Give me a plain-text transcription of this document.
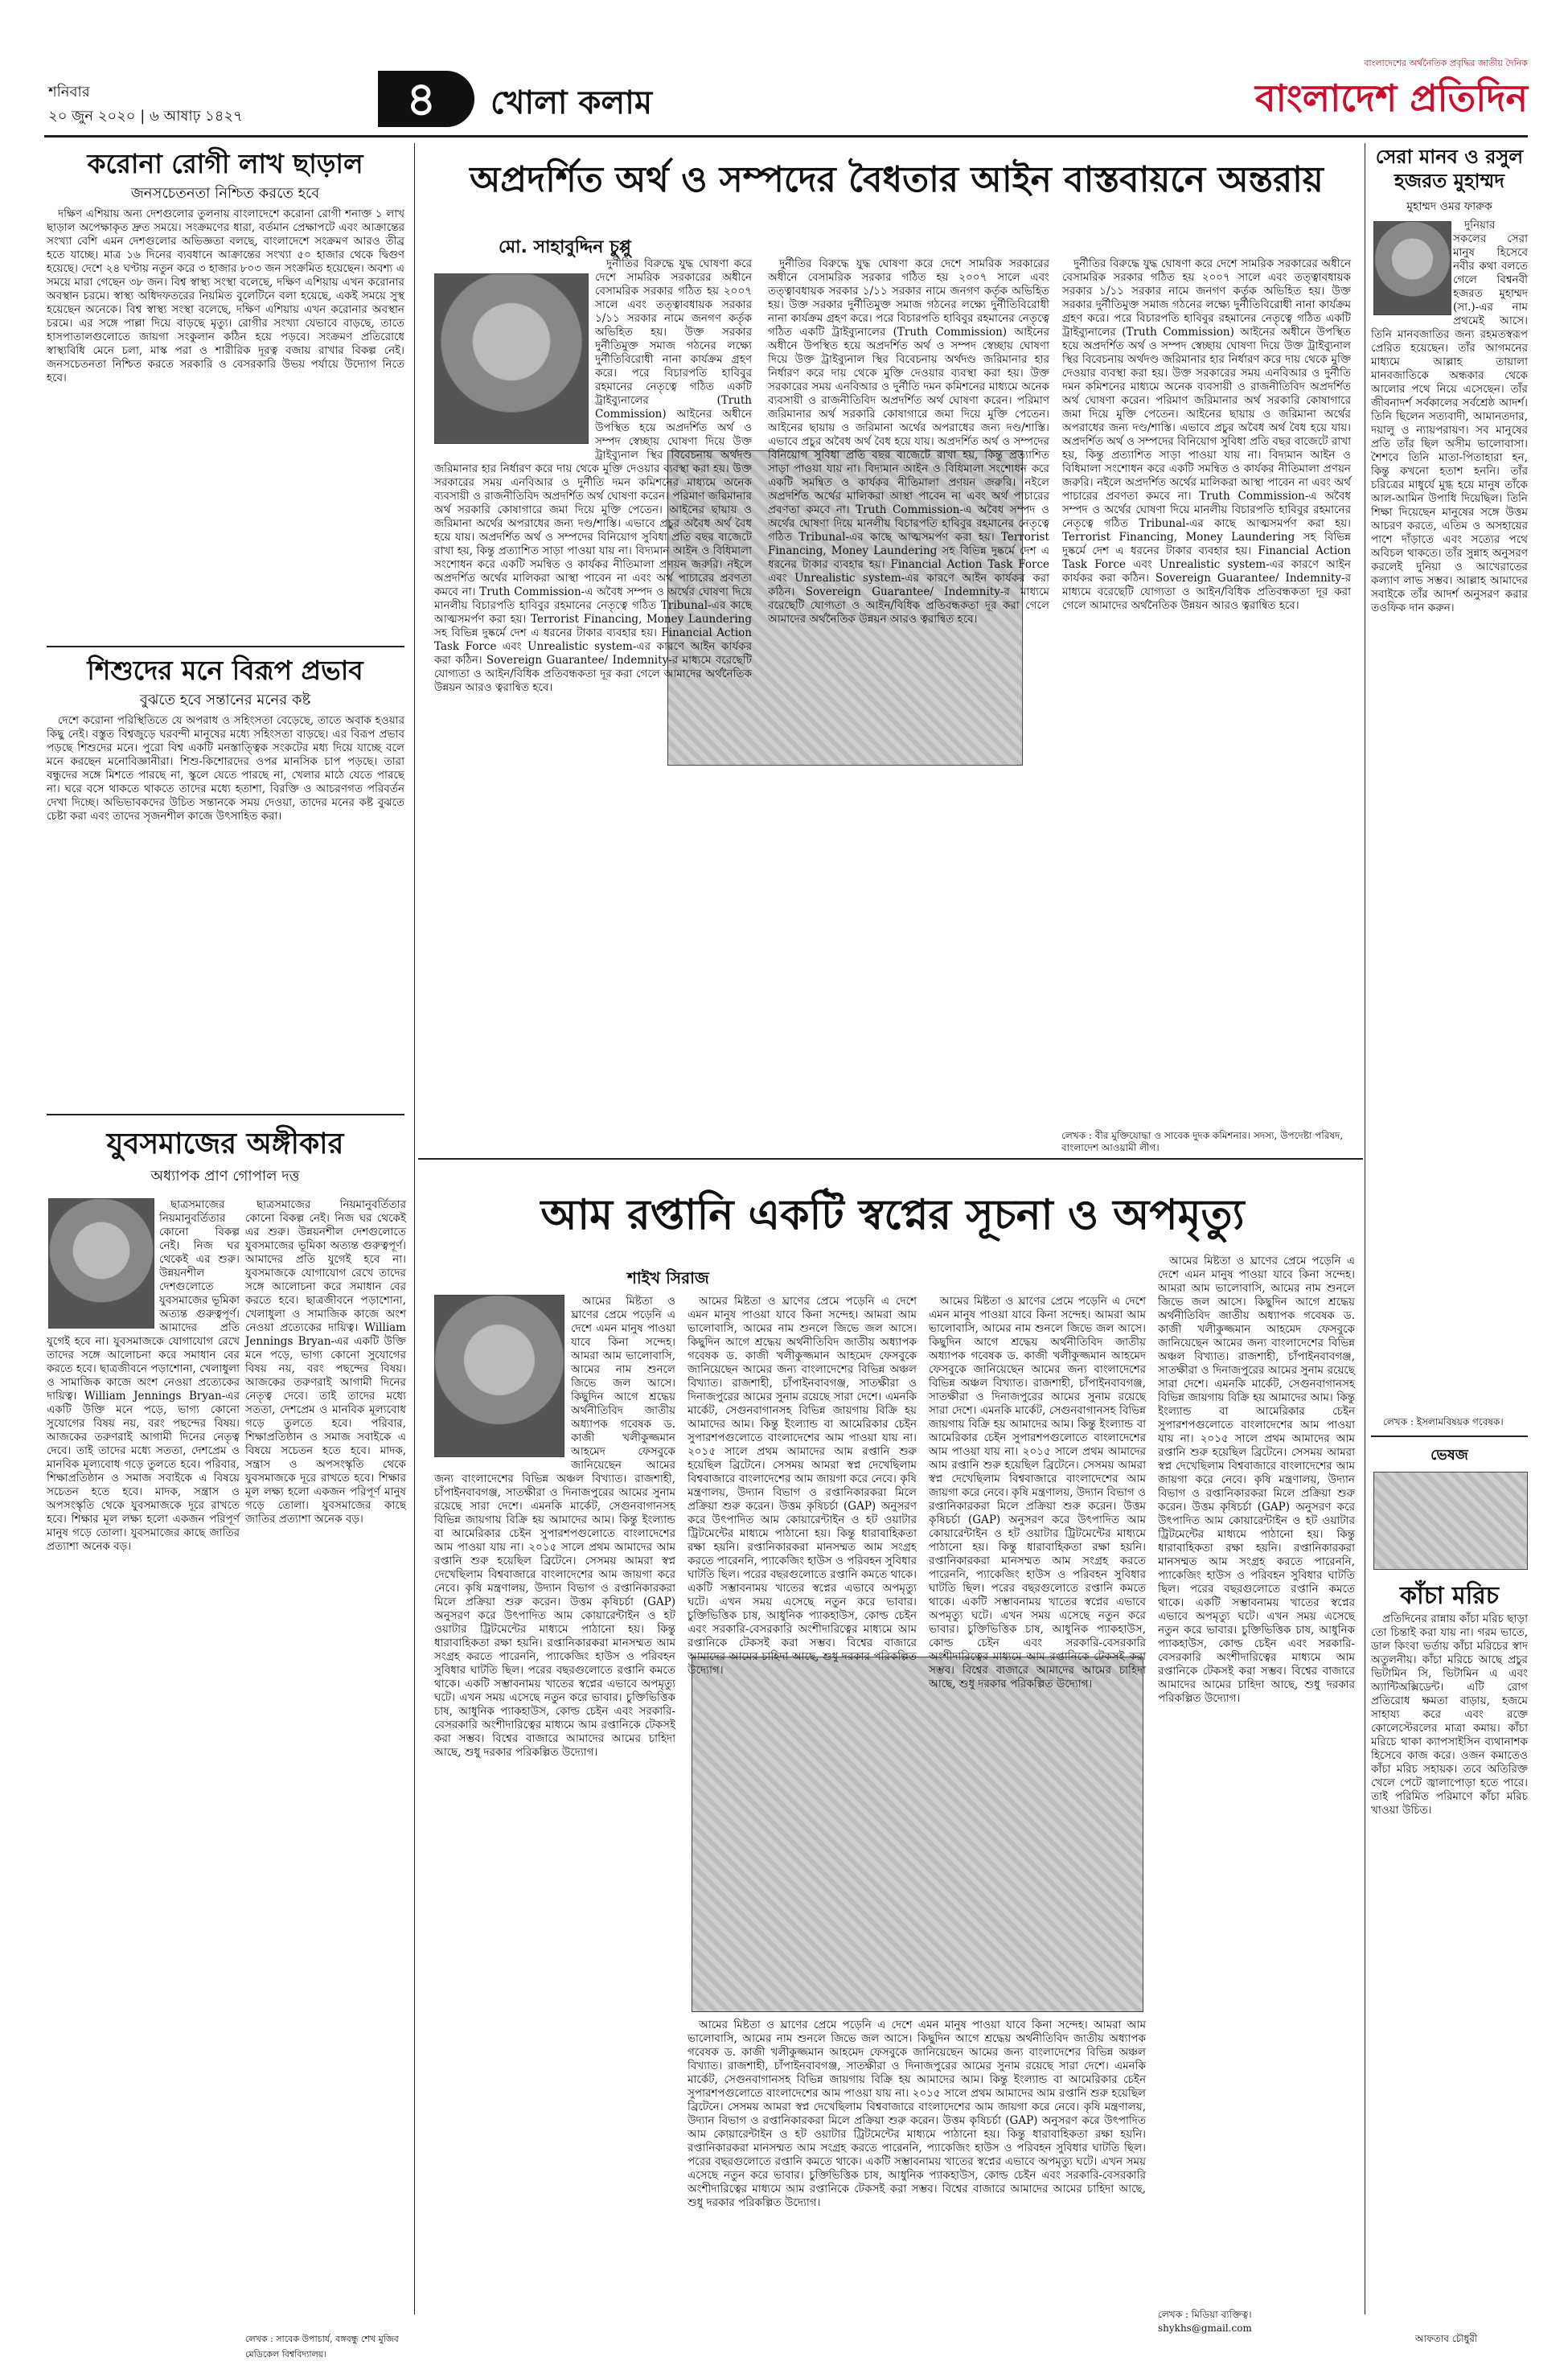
শনিবার
২০ জুন ২০২০ | ৬ আষাঢ় ১৪২৭	৪ খোলা কলাম
বাংলাদেশের অর্থনৈতিক প্রবৃদ্ধির জাতীয় দৈনিক
বাংলাদেশ প্রতিদিন
করোনা রোগী লাখ ছাড়াল
জনসচেতনতা নিশ্চিত করতে হবে

দক্ষিণ এশিয়ায় অন্য দেশগুলোর তুলনায় বাংলাদেশে করোনা রোগী শনাক্ত ১ লাখ ছাড়াল অপেক্ষাকৃত দ্রুত সময়ে। সংক্রমণের ধারা, বর্তমান প্রেক্ষাপটে এবং আক্রান্তের সংখ্যা বেশি এমন দেশগুলোর অভিজ্ঞতা বলছে, বাংলাদেশে সংক্রমণ আরও তীব্র হতে যাচ্ছে। মাত্র ১৬ দিনের ব্যবধানে আক্রান্তের সংখ্যা ৫০ হাজার থেকে দ্বিগুণ হয়েছে। দেশে ২৪ ঘণ্টায় নতুন করে ৩ হাজার ৮০৩ জন সংক্রমিত হয়েছেন। অবশ্য এ সময়ে মারা গেছেন ৩৮ জন। বিশ্ব স্বাস্থ্য সংস্থা বলেছে, দক্ষিণ এশিয়ায় এখন করোনার অবস্থান চরমে। স্বাস্থ্য অধিদফতরের নিয়মিত বুলেটিনে বলা হয়েছে, একই সময়ে সুস্থ হয়েছেন অনেকে। বিশ্ব স্বাস্থ্য সংস্থা বলেছে, দক্ষিণ এশিয়ায় এখন করোনার অবস্থান চরমে। এর সঙ্গে পাল্লা দিয়ে বাড়ছে মৃত্যু। রোগীর সংখ্যা যেভাবে বাড়ছে, তাতে হাসপাতালগুলোতে জায়গা সংকুলান কঠিন হয়ে পড়বে। সংক্রমণ প্রতিরোধে স্বাস্থ্যবিধি মেনে চলা, মাস্ক পরা ও শারীরিক দূরত্ব বজায় রাখার বিকল্প নেই। জনসচেতনতা নিশ্চিত করতে সরকারি ও বেসরকারি উভয় পর্যায়ে উদ্যোগ নিতে হবে।

শিশুদের মনে বিরূপ প্রভাব
বুঝতে হবে সন্তানের মনের কষ্ট

দেশে করোনা পরিস্থিতিতে যে অপরাধ ও সহিংসতা বেড়েছে, তাতে অবাক হওয়ার কিছু নেই। বস্তুত বিশ্বজুড়ে ঘরবন্দী মানুষের মধ্যে সহিংসতা বাড়ছে। এর বিরূপ প্রভাব পড়ছে শিশুদের মনে। পুরো বিশ্ব একটি মনস্তাত্ত্বিক সংকটের মধ্য দিয়ে যাচ্ছে বলে মনে করছেন মনোবিজ্ঞানীরা। শিশু-কিশোরদের ওপর মানসিক চাপ পড়ছে। তারা বন্ধুদের সঙ্গে মিশতে পারছে না, স্কুলে যেতে পারছে না, খেলার মাঠে যেতে পারছে না। ঘরে বসে থাকতে থাকতে তাদের মধ্যে হতাশা, বিরক্তি ও আচরণগত পরিবর্তন দেখা দিচ্ছে। অভিভাবকদের উচিত সন্তানকে সময় দেওয়া, তাদের মনের কষ্ট বুঝতে চেষ্টা করা এবং তাদের সৃজনশীল কাজে উৎসাহিত করা।

অপ্রদর্শিত অর্থ ও সম্পদের বৈধতার আইন বাস্তবায়নে অন্তরায়
মো. সাহাবুদ্দিন চুপ্পু

দুর্নীতির বিরুদ্ধে যুদ্ধ ঘোষণা করে দেশে সামরিক সরকারের অধীনে বেসামরিক সরকার গঠিত হয় ২০০৭ সালে এবং তত্ত্বাবধায়ক সরকার ১/১১ সরকার নামে জনগণ কর্তৃক অভিহিত হয়। উক্ত সরকার দুর্নীতিমুক্ত সমাজ গঠনের লক্ষ্যে দুর্নীতিবিরোধী নানা কার্যক্রম গ্রহণ করে। পরে বিচারপতি হাবিবুর রহমানের নেতৃত্বে গঠিত একটি ট্রাইব্যুনালের (Truth Commission) আইনের অধীনে উপস্থিত হয়ে অপ্রদর্শিত অর্থ ও সম্পদ স্বেচ্ছায় ঘোষণা দিয়ে উক্ত ট্রাইব্যুনাল স্থির বিবেচনায় অর্থদণ্ড জরিমানার হার নির্ধারণ করে দায় থেকে মুক্তি দেওয়ার ব্যবস্থা করা হয়। উক্ত সরকারের সময় এনবিআর ও দুর্নীতি দমন কমিশনের মাধ্যমে অনেক ব্যবসায়ী ও রাজনীতিবিদ অপ্রদর্শিত অর্থ ঘোষণা করেন। পরিমাণ জরিমানার অর্থ সরকারি কোষাগারে জমা দিয়ে মুক্তি পেতেন। আইনের ছায়ায় ও জরিমানা অর্থের অপরাধের জন্য দণ্ড/শাস্তি। এভাবে প্রচুর অবৈধ অর্থ বৈধ হয়ে যায়। অপ্রদর্শিত অর্থ ও সম্পদের বিনিয়োগ সুবিধা প্রতি বছর বাজেটে রাখা হয়, কিন্তু প্রত্যাশিত সাড়া পাওয়া যায় না। বিদ্যমান আইন ও বিধিমালা সংশোধন করে একটি সমন্বিত ও কার্যকর নীতিমালা প্রণয়ন জরুরি। নইলে অপ্রদর্শিত অর্থের মালিকরা আস্থা পাবেন না এবং অর্থ পাচারের প্রবণতা কমবে না। Truth Commission-এ অবৈধ সম্পদ ও অর্থের ঘোষণা দিয়ে মানলীয় বিচারপতি হাবিবুর রহমানের নেতৃত্বে গঠিত Tribunal-এর কাছে আত্মসমর্পণ করা হয়। Terrorist Financing, Money Laundering সহ বিভিন্ন দুষ্কর্মে দেশ এ ধরনের টাকার ব্যবহার হয়। Financial Action Task Force এবং Unrealistic system-এর কারণে আইন কার্যকর করা কঠিন। Sovereign Guarantee/ Indemnity-র মাধ্যমে বরেছেটি যোগ্যতা ও আইন/বিধিক প্রতিবন্ধকতা দূর করা গেলে আমাদের অর্থনৈতিক উন্নয়ন আরও ত্বরান্বিত হবে।

দুর্নীতির বিরুদ্ধে যুদ্ধ ঘোষণা করে দেশে সামরিক সরকারের অধীনে বেসামরিক সরকার গঠিত হয় ২০০৭ সালে এবং তত্ত্বাবধায়ক সরকার ১/১১ সরকার নামে জনগণ কর্তৃক অভিহিত হয়। উক্ত সরকার দুর্নীতিমুক্ত সমাজ গঠনের লক্ষ্যে দুর্নীতিবিরোধী নানা কার্যক্রম গ্রহণ করে। পরে বিচারপতি হাবিবুর রহমানের নেতৃত্বে গঠিত একটি ট্রাইব্যুনালের (Truth Commission) আইনের অধীনে উপস্থিত হয়ে অপ্রদর্শিত অর্থ ও সম্পদ স্বেচ্ছায় ঘোষণা দিয়ে উক্ত ট্রাইব্যুনাল স্থির বিবেচনায় অর্থদণ্ড জরিমানার হার নির্ধারণ করে দায় থেকে মুক্তি দেওয়ার ব্যবস্থা করা হয়। উক্ত সরকারের সময় এনবিআর ও দুর্নীতি দমন কমিশনের মাধ্যমে অনেক ব্যবসায়ী ও রাজনীতিবিদ অপ্রদর্শিত অর্থ ঘোষণা করেন। পরিমাণ জরিমানার অর্থ সরকারি কোষাগারে জমা দিয়ে মুক্তি পেতেন। আইনের ছায়ায় ও জরিমানা অর্থের অপরাধের জন্য দণ্ড/শাস্তি। এভাবে প্রচুর অবৈধ অর্থ বৈধ হয়ে যায়। অপ্রদর্শিত অর্থ ও সম্পদের বিনিয়োগ সুবিধা প্রতি বছর বাজেটে রাখা হয়, কিন্তু প্রত্যাশিত সাড়া পাওয়া যায় না। বিদ্যমান আইন ও বিধিমালা সংশোধন করে একটি সমন্বিত ও কার্যকর নীতিমালা প্রণয়ন জরুরি। নইলে অপ্রদর্শিত অর্থের মালিকরা আস্থা পাবেন না এবং অর্থ পাচারের প্রবণতা কমবে না। Truth Commission-এ অবৈধ সম্পদ ও অর্থের ঘোষণা দিয়ে মানলীয় বিচারপতি হাবিবুর রহমানের নেতৃত্বে গঠিত Tribunal-এর কাছে আত্মসমর্পণ করা হয়। Terrorist Financing, Money Laundering সহ বিভিন্ন দুষ্কর্মে দেশ এ ধরনের টাকার ব্যবহার হয়। Financial Action Task Force এবং Unrealistic system-এর কারণে আইন কার্যকর করা কঠিন। Sovereign Guarantee/ Indemnity-র মাধ্যমে বরেছেটি যোগ্যতা ও আইন/বিধিক প্রতিবন্ধকতা দূর করা গেলে আমাদের অর্থনৈতিক উন্নয়ন আরও ত্বরান্বিত হবে।

দুর্নীতির বিরুদ্ধে যুদ্ধ ঘোষণা করে দেশে সামরিক সরকারের অধীনে বেসামরিক সরকার গঠিত হয় ২০০৭ সালে এবং তত্ত্বাবধায়ক সরকার ১/১১ সরকার নামে জনগণ কর্তৃক অভিহিত হয়। উক্ত সরকার দুর্নীতিমুক্ত সমাজ গঠনের লক্ষ্যে দুর্নীতিবিরোধী নানা কার্যক্রম গ্রহণ করে। পরে বিচারপতি হাবিবুর রহমানের নেতৃত্বে গঠিত একটি ট্রাইব্যুনালের (Truth Commission) আইনের অধীনে উপস্থিত হয়ে অপ্রদর্শিত অর্থ ও সম্পদ স্বেচ্ছায় ঘোষণা দিয়ে উক্ত ট্রাইব্যুনাল স্থির বিবেচনায় অর্থদণ্ড জরিমানার হার নির্ধারণ করে দায় থেকে মুক্তি দেওয়ার ব্যবস্থা করা হয়। উক্ত সরকারের সময় এনবিআর ও দুর্নীতি দমন কমিশনের মাধ্যমে অনেক ব্যবসায়ী ও রাজনীতিবিদ অপ্রদর্শিত অর্থ ঘোষণা করেন। পরিমাণ জরিমানার অর্থ সরকারি কোষাগারে জমা দিয়ে মুক্তি পেতেন। আইনের ছায়ায় ও জরিমানা অর্থের অপরাধের জন্য দণ্ড/শাস্তি। এভাবে প্রচুর অবৈধ অর্থ বৈধ হয়ে যায়। অপ্রদর্শিত অর্থ ও সম্পদের বিনিয়োগ সুবিধা প্রতি বছর বাজেটে রাখা হয়, কিন্তু প্রত্যাশিত সাড়া পাওয়া যায় না। বিদ্যমান আইন ও বিধিমালা সংশোধন করে একটি সমন্বিত ও কার্যকর নীতিমালা প্রণয়ন জরুরি। নইলে অপ্রদর্শিত অর্থের মালিকরা আস্থা পাবেন না এবং অর্থ পাচারের প্রবণতা কমবে না। Truth Commission-এ অবৈধ সম্পদ ও অর্থের ঘোষণা দিয়ে মানলীয় বিচারপতি হাবিবুর রহমানের নেতৃত্বে গঠিত Tribunal-এর কাছে আত্মসমর্পণ করা হয়। Terrorist Financing, Money Laundering সহ বিভিন্ন দুষ্কর্মে দেশ এ ধরনের টাকার ব্যবহার হয়। Financial Action Task Force এবং Unrealistic system-এর কারণে আইন কার্যকর করা কঠিন। Sovereign Guarantee/ Indemnity-র মাধ্যমে বরেছেটি যোগ্যতা ও আইন/বিধিক প্রতিবন্ধকতা দূর করা গেলে আমাদের অর্থনৈতিক উন্নয়ন আরও ত্বরান্বিত হবে।

লেখক : বীর মুক্তিযোদ্ধা ও সাবেক দুদক কমিশনার। সদস্য, উপদেষ্টা পরিষদ, বাংলাদেশ আওয়ামী লীগ।
যুবসমাজের অঙ্গীকার
অধ্যাপক প্রাণ গোপাল দত্ত

ছাত্রসমাজের নিয়মানুবর্তিতার কোনো বিকল্প নেই। নিজ ঘর থেকেই এর শুরু। উন্নয়নশীল দেশগুলোতে যুবসমাজের ভূমিকা অত্যন্ত গুরুত্বপূর্ণ। আমাদের প্রতি যুগেই হবে না। যুবসমাজকে যোগাযোগ রেখে তাদের সঙ্গে আলোচনা করে সমাধান বের করতে হবে। ছাত্রজীবনে পড়াশোনা, খেলাধুলা ও সামাজিক কাজে অংশ নেওয়া প্রত্যেকের দায়িত্ব। William Jennings Bryan-এর একটি উক্তি মনে পড়ে, ভাগ্য কোনো সুযোগের বিষয় নয়, বরং পছন্দের বিষয়। আজকের তরুণরাই আগামী দিনের নেতৃত্ব দেবে। তাই তাদের মধ্যে সততা, দেশপ্রেম ও মানবিক মূল্যবোধ গড়ে তুলতে হবে। পরিবার, শিক্ষাপ্রতিষ্ঠান ও সমাজ সবাইকে এ বিষয়ে সচেতন হতে হবে। মাদক, সন্ত্রাস ও অপসংস্কৃতি থেকে যুবসমাজকে দূরে রাখতে হবে। শিক্ষার মূল লক্ষ্য হলো একজন পরিপূর্ণ মানুষ গড়ে তোলা। যুবসমাজের কাছে জাতির প্রত্যাশা অনেক বড়।

ছাত্রসমাজের নিয়মানুবর্তিতার কোনো বিকল্প নেই। নিজ ঘর থেকেই এর শুরু। উন্নয়নশীল দেশগুলোতে যুবসমাজের ভূমিকা অত্যন্ত গুরুত্বপূর্ণ। আমাদের প্রতি যুগেই হবে না। যুবসমাজকে যোগাযোগ রেখে তাদের সঙ্গে আলোচনা করে সমাধান বের করতে হবে। ছাত্রজীবনে পড়াশোনা, খেলাধুলা ও সামাজিক কাজে অংশ নেওয়া প্রত্যেকের দায়িত্ব। William Jennings Bryan-এর একটি উক্তি মনে পড়ে, ভাগ্য কোনো সুযোগের বিষয় নয়, বরং পছন্দের বিষয়। আজকের তরুণরাই আগামী দিনের নেতৃত্ব দেবে। তাই তাদের মধ্যে সততা, দেশপ্রেম ও মানবিক মূল্যবোধ গড়ে তুলতে হবে। পরিবার, শিক্ষাপ্রতিষ্ঠান ও সমাজ সবাইকে এ বিষয়ে সচেতন হতে হবে। মাদক, সন্ত্রাস ও অপসংস্কৃতি থেকে যুবসমাজকে দূরে রাখতে হবে। শিক্ষার মূল লক্ষ্য হলো একজন পরিপূর্ণ মানুষ গড়ে তোলা। যুবসমাজের কাছে জাতির প্রত্যাশা অনেক বড়।

লেখক : সাবেক উপাচার্য, বঙ্গবন্ধু শেখ মুজিব মেডিকেল বিশ্ববিদ্যালয়।
আম রপ্তানি একটি স্বপ্নের সূচনা ও অপমৃত্যু
শাইখ সিরাজ

আমের মিষ্টতা ও ঘ্রাণের প্রেমে পড়েনি এ দেশে এমন মানুষ পাওয়া যাবে কিনা সন্দেহ। আমরা আম ভালোবাসি, আমের নাম শুনলে জিভে জল আসে। কিছুদিন আগে শ্রদ্ধেয় অর্থনীতিবিদ জাতীয় অধ্যাপক গবেষক ড. কাজী খলীকুজ্জমান আহমেদ ফেসবুকে জানিয়েছেন আমের জন্য বাংলাদেশের বিভিন্ন অঞ্চল বিখ্যাত। রাজশাহী, চাঁপাইনবাবগঞ্জ, সাতক্ষীরা ও দিনাজপুরের আমের সুনাম রয়েছে সারা দেশে। এমনকি মার্কেট, সেগুনবাগানসহ বিভিন্ন জায়গায় বিক্রি হয় আমাদের আম। কিন্তু ইংল্যান্ড বা আমেরিকার চেইন সুপারশপগুলোতে বাংলাদেশের আম পাওয়া যায় না। ২০১৫ সালে প্রথম আমাদের আম রপ্তানি শুরু হয়েছিল ব্রিটেনে। সেসময় আমরা স্বপ্ন দেখেছিলাম বিশ্ববাজারে বাংলাদেশের আম জায়গা করে নেবে। কৃষি মন্ত্রণালয়, উদ্যান বিভাগ ও রপ্তানিকারকরা মিলে প্রক্রিয়া শুরু করেন। উত্তম কৃষিচর্চা (GAP) অনুসরণ করে উৎপাদিত আম কোয়ারেন্টাইন ও হট ওয়াটার ট্রিটমেন্টের মাধ্যমে পাঠানো হয়। কিন্তু ধারাবাহিকতা রক্ষা হয়নি। রপ্তানিকারকরা মানসম্মত আম সংগ্রহ করতে পারেননি, প্যাকেজিং হাউস ও পরিবহন সুবিধার ঘাটতি ছিল। পরের বছরগুলোতে রপ্তানি কমতে থাকে। একটি সম্ভাবনাময় খাতের স্বপ্নের এভাবে অপমৃত্যু ঘটে। এখন সময় এসেছে নতুন করে ভাবার। চুক্তিভিত্তিক চাষ, আধুনিক প্যাকহাউস, কোল্ড চেইন এবং সরকারি-বেসরকারি অংশীদারিত্বের মাধ্যমে আম রপ্তানিকে টেকসই করা সম্ভব। বিশ্বের বাজারে আমাদের আমের চাহিদা আছে, শুধু দরকার পরিকল্পিত উদ্যোগ।

আমের মিষ্টতা ও ঘ্রাণের প্রেমে পড়েনি এ দেশে এমন মানুষ পাওয়া যাবে কিনা সন্দেহ। আমরা আম ভালোবাসি, আমের নাম শুনলে জিভে জল আসে। কিছুদিন আগে শ্রদ্ধেয় অর্থনীতিবিদ জাতীয় অধ্যাপক গবেষক ড. কাজী খলীকুজ্জমান আহমেদ ফেসবুকে জানিয়েছেন আমের জন্য বাংলাদেশের বিভিন্ন অঞ্চল বিখ্যাত। রাজশাহী, চাঁপাইনবাবগঞ্জ, সাতক্ষীরা ও দিনাজপুরের আমের সুনাম রয়েছে সারা দেশে। এমনকি মার্কেট, সেগুনবাগানসহ বিভিন্ন জায়গায় বিক্রি হয় আমাদের আম। কিন্তু ইংল্যান্ড বা আমেরিকার চেইন সুপারশপগুলোতে বাংলাদেশের আম পাওয়া যায় না। ২০১৫ সালে প্রথম আমাদের আম রপ্তানি শুরু হয়েছিল ব্রিটেনে। সেসময় আমরা স্বপ্ন দেখেছিলাম বিশ্ববাজারে বাংলাদেশের আম জায়গা করে নেবে। কৃষি মন্ত্রণালয়, উদ্যান বিভাগ ও রপ্তানিকারকরা মিলে প্রক্রিয়া শুরু করেন। উত্তম কৃষিচর্চা (GAP) অনুসরণ করে উৎপাদিত আম কোয়ারেন্টাইন ও হট ওয়াটার ট্রিটমেন্টের মাধ্যমে পাঠানো হয়। কিন্তু ধারাবাহিকতা রক্ষা হয়নি। রপ্তানিকারকরা মানসম্মত আম সংগ্রহ করতে পারেননি, প্যাকেজিং হাউস ও পরিবহন সুবিধার ঘাটতি ছিল। পরের বছরগুলোতে রপ্তানি কমতে থাকে। একটি সম্ভাবনাময় খাতের স্বপ্নের এভাবে অপমৃত্যু ঘটে। এখন সময় এসেছে নতুন করে ভাবার। চুক্তিভিত্তিক চাষ, আধুনিক প্যাকহাউস, কোল্ড চেইন এবং সরকারি-বেসরকারি অংশীদারিত্বের মাধ্যমে আম রপ্তানিকে টেকসই করা সম্ভব। বিশ্বের বাজারে আমাদের আমের চাহিদা আছে, শুধু দরকার পরিকল্পিত উদ্যোগ।

আমের মিষ্টতা ও ঘ্রাণের প্রেমে পড়েনি এ দেশে এমন মানুষ পাওয়া যাবে কিনা সন্দেহ। আমরা আম ভালোবাসি, আমের নাম শুনলে জিভে জল আসে। কিছুদিন আগে শ্রদ্ধেয় অর্থনীতিবিদ জাতীয় অধ্যাপক গবেষক ড. কাজী খলীকুজ্জমান আহমেদ ফেসবুকে জানিয়েছেন আমের জন্য বাংলাদেশের বিভিন্ন অঞ্চল বিখ্যাত। রাজশাহী, চাঁপাইনবাবগঞ্জ, সাতক্ষীরা ও দিনাজপুরের আমের সুনাম রয়েছে সারা দেশে। এমনকি মার্কেট, সেগুনবাগানসহ বিভিন্ন জায়গায় বিক্রি হয় আমাদের আম। কিন্তু ইংল্যান্ড বা আমেরিকার চেইন সুপারশপগুলোতে বাংলাদেশের আম পাওয়া যায় না। ২০১৫ সালে প্রথম আমাদের আম রপ্তানি শুরু হয়েছিল ব্রিটেনে। সেসময় আমরা স্বপ্ন দেখেছিলাম বিশ্ববাজারে বাংলাদেশের আম জায়গা করে নেবে। কৃষি মন্ত্রণালয়, উদ্যান বিভাগ ও রপ্তানিকারকরা মিলে প্রক্রিয়া শুরু করেন। উত্তম কৃষিচর্চা (GAP) অনুসরণ করে উৎপাদিত আম কোয়ারেন্টাইন ও হট ওয়াটার ট্রিটমেন্টের মাধ্যমে পাঠানো হয়। কিন্তু ধারাবাহিকতা রক্ষা হয়নি। রপ্তানিকারকরা মানসম্মত আম সংগ্রহ করতে পারেননি, প্যাকেজিং হাউস ও পরিবহন সুবিধার ঘাটতি ছিল। পরের বছরগুলোতে রপ্তানি কমতে থাকে। একটি সম্ভাবনাময় খাতের স্বপ্নের এভাবে অপমৃত্যু ঘটে। এখন সময় এসেছে নতুন করে ভাবার। চুক্তিভিত্তিক চাষ, আধুনিক প্যাকহাউস, কোল্ড চেইন এবং সরকারি-বেসরকারি অংশীদারিত্বের মাধ্যমে আম রপ্তানিকে টেকসই করা সম্ভব। বিশ্বের বাজারে আমাদের আমের চাহিদা আছে, শুধু দরকার পরিকল্পিত উদ্যোগ।

আমের মিষ্টতা ও ঘ্রাণের প্রেমে পড়েনি এ দেশে এমন মানুষ পাওয়া যাবে কিনা সন্দেহ। আমরা আম ভালোবাসি, আমের নাম শুনলে জিভে জল আসে। কিছুদিন আগে শ্রদ্ধেয় অর্থনীতিবিদ জাতীয় অধ্যাপক গবেষক ড. কাজী খলীকুজ্জমান আহমেদ ফেসবুকে জানিয়েছেন আমের জন্য বাংলাদেশের বিভিন্ন অঞ্চল বিখ্যাত। রাজশাহী, চাঁপাইনবাবগঞ্জ, সাতক্ষীরা ও দিনাজপুরের আমের সুনাম রয়েছে সারা দেশে। এমনকি মার্কেট, সেগুনবাগানসহ বিভিন্ন জায়গায় বিক্রি হয় আমাদের আম। কিন্তু ইংল্যান্ড বা আমেরিকার চেইন সুপারশপগুলোতে বাংলাদেশের আম পাওয়া যায় না। ২০১৫ সালে প্রথম আমাদের আম রপ্তানি শুরু হয়েছিল ব্রিটেনে। সেসময় আমরা স্বপ্ন দেখেছিলাম বিশ্ববাজারে বাংলাদেশের আম জায়গা করে নেবে। কৃষি মন্ত্রণালয়, উদ্যান বিভাগ ও রপ্তানিকারকরা মিলে প্রক্রিয়া শুরু করেন। উত্তম কৃষিচর্চা (GAP) অনুসরণ করে উৎপাদিত আম কোয়ারেন্টাইন ও হট ওয়াটার ট্রিটমেন্টের মাধ্যমে পাঠানো হয়। কিন্তু ধারাবাহিকতা রক্ষা হয়নি। রপ্তানিকারকরা মানসম্মত আম সংগ্রহ করতে পারেননি, প্যাকেজিং হাউস ও পরিবহন সুবিধার ঘাটতি ছিল। পরের বছরগুলোতে রপ্তানি কমতে থাকে। একটি সম্ভাবনাময় খাতের স্বপ্নের এভাবে অপমৃত্যু ঘটে। এখন সময় এসেছে নতুন করে ভাবার। চুক্তিভিত্তিক চাষ, আধুনিক প্যাকহাউস, কোল্ড চেইন এবং সরকারি-বেসরকারি অংশীদারিত্বের মাধ্যমে আম রপ্তানিকে টেকসই করা সম্ভব। বিশ্বের বাজারে আমাদের আমের চাহিদা আছে, শুধু দরকার পরিকল্পিত উদ্যোগ।

আমের মিষ্টতা ও ঘ্রাণের প্রেমে পড়েনি এ দেশে এমন মানুষ পাওয়া যাবে কিনা সন্দেহ। আমরা আম ভালোবাসি, আমের নাম শুনলে জিভে জল আসে। কিছুদিন আগে শ্রদ্ধেয় অর্থনীতিবিদ জাতীয় অধ্যাপক গবেষক ড. কাজী খলীকুজ্জমান আহমেদ ফেসবুকে জানিয়েছেন আমের জন্য বাংলাদেশের বিভিন্ন অঞ্চল বিখ্যাত। রাজশাহী, চাঁপাইনবাবগঞ্জ, সাতক্ষীরা ও দিনাজপুরের আমের সুনাম রয়েছে সারা দেশে। এমনকি মার্কেট, সেগুনবাগানসহ বিভিন্ন জায়গায় বিক্রি হয় আমাদের আম। কিন্তু ইংল্যান্ড বা আমেরিকার চেইন সুপারশপগুলোতে বাংলাদেশের আম পাওয়া যায় না। ২০১৫ সালে প্রথম আমাদের আম রপ্তানি শুরু হয়েছিল ব্রিটেনে। সেসময় আমরা স্বপ্ন দেখেছিলাম বিশ্ববাজারে বাংলাদেশের আম জায়গা করে নেবে। কৃষি মন্ত্রণালয়, উদ্যান বিভাগ ও রপ্তানিকারকরা মিলে প্রক্রিয়া শুরু করেন। উত্তম কৃষিচর্চা (GAP) অনুসরণ করে উৎপাদিত আম কোয়ারেন্টাইন ও হট ওয়াটার ট্রিটমেন্টের মাধ্যমে পাঠানো হয়। কিন্তু ধারাবাহিকতা রক্ষা হয়নি। রপ্তানিকারকরা মানসম্মত আম সংগ্রহ করতে পারেননি, প্যাকেজিং হাউস ও পরিবহন সুবিধার ঘাটতি ছিল। পরের বছরগুলোতে রপ্তানি কমতে থাকে। একটি সম্ভাবনাময় খাতের স্বপ্নের এভাবে অপমৃত্যু ঘটে। এখন সময় এসেছে নতুন করে ভাবার। চুক্তিভিত্তিক চাষ, আধুনিক প্যাকহাউস, কোল্ড চেইন এবং সরকারি-বেসরকারি অংশীদারিত্বের মাধ্যমে আম রপ্তানিকে টেকসই করা সম্ভব। বিশ্বের বাজারে আমাদের আমের চাহিদা আছে, শুধু দরকার পরিকল্পিত উদ্যোগ।

লেখক : মিডিয়া ব্যক্তিত্ব।
shykhs@gmail.com
সেরা মানব ও রসুল হজরত মুহাম্মদ
মুহাম্মদ ওমর ফারুক

দুনিয়ার সকলের সেরা মানুষ হিসেবে নবীর কথা বলতে গেলে বিশ্বনবী হজরত মুহাম্মদ (সা.)-এর নাম প্রথমেই আসে। তিনি মানবজাতির জন্য রহমতস্বরূপ প্রেরিত হয়েছেন। তাঁর আগমনের মাধ্যমে আল্লাহ তায়ালা মানবজাতিকে অন্ধকার থেকে আলোর পথে নিয়ে এসেছেন। তাঁর জীবনাদর্শ সর্বকালের সর্বশ্রেষ্ঠ আদর্শ। তিনি ছিলেন সত্যবাদী, আমানতদার, দয়ালু ও ন্যায়পরায়ণ। সব মানুষের প্রতি তাঁর ছিল অসীম ভালোবাসা। শৈশবে তিনি মাতা-পিতাহারা হন, কিন্তু কখনো হতাশ হননি। তাঁর চরিত্রের মাধুর্যে মুগ্ধ হয়ে মানুষ তাঁকে আল-আমিন উপাধি দিয়েছিল। তিনি শিক্ষা দিয়েছেন মানুষের সঙ্গে উত্তম আচরণ করতে, এতিম ও অসহায়ের পাশে দাঁড়াতে এবং সত্যের পথে অবিচল থাকতে। তাঁর সুন্নাহ অনুসরণ করলেই দুনিয়া ও আখেরাতের কল্যাণ লাভ সম্ভব। আল্লাহ আমাদের সবাইকে তাঁর আদর্শ অনুসরণ করার তওফিক দান করুন।

লেখক : ইসলামবিষয়ক গবেষক।
ভেষজ
কাঁচা মরিচ

প্রতিদিনের রান্নায় কাঁচা মরিচ ছাড়া তো চিন্তাই করা যায় না। গরম ভাতে, ডাল কিংবা ভর্তায় কাঁচা মরিচের স্বাদ অতুলনীয়। কাঁচা মরিচে আছে প্রচুর ভিটামিন সি, ভিটামিন এ এবং অ্যান্টিঅক্সিডেন্ট। এটি রোগ প্রতিরোধ ক্ষমতা বাড়ায়, হজমে সাহায্য করে এবং রক্তে কোলেস্টেরলের মাত্রা কমায়। কাঁচা মরিচে থাকা ক্যাপসাইসিন ব্যথানাশক হিসেবে কাজ করে। ওজন কমাতেও কাঁচা মরিচ সহায়ক। তবে অতিরিক্ত খেলে পেটে জ্বালাপোড়া হতে পারে। তাই পরিমিত পরিমাণে কাঁচা মরিচ খাওয়া উচিত।

আফতাব চৌধুরী
